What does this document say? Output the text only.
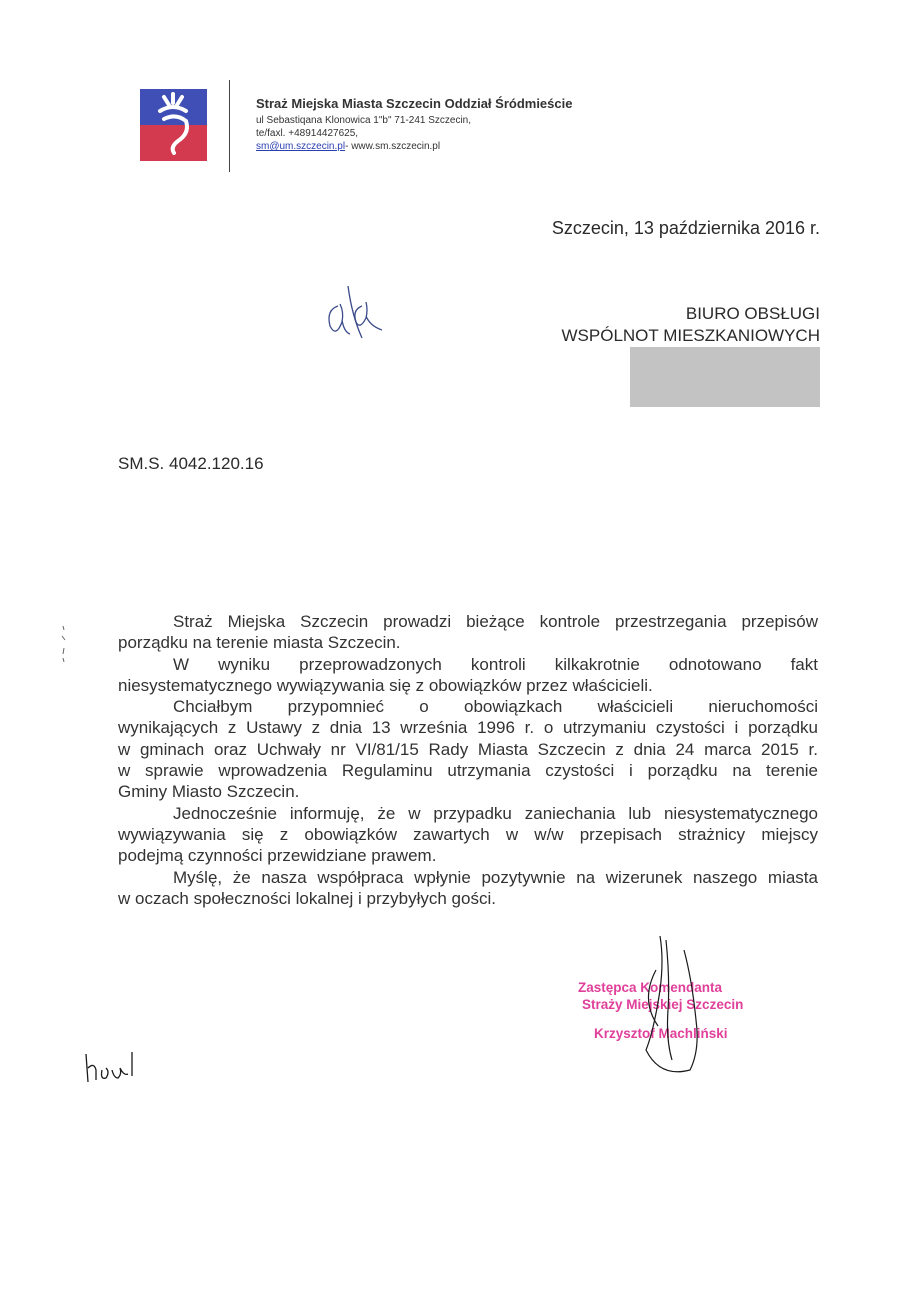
Straż Miejska Miasta Szczecin Oddział Śródmieście
ul Sebastiqana Klonowica 1"b" 71-241 Szczecin,
te/faxl. +48914427625,
sm@um.szczecin.pl- www.sm.szczecin.pl
Szczecin, 13 października 2016 r.
BIURO OBSŁUGI
WSPÓLNOT MIESZKANIOWYCH
SM.S. 4042.120.16

Straż Miejska Szczecin prowadzi bieżące kontrole przestrzegania przepisów
porządku na terenie miasta Szczecin.

W wyniku przeprowadzonych kontroli kilkakrotnie odnotowano fakt
niesystematycznego wywiązywania się z obowiązków przez właścicieli.

Chciałbym przypomnieć o obowiązkach właścicieli nieruchomości
wynikających z Ustawy z dnia 13 września 1996 r. o utrzymaniu czystości i porządku
w gminach oraz Uchwały nr VI/81/15 Rady Miasta Szczecin z dnia 24 marca 2015 r.
w sprawie wprowadzenia Regulaminu utrzymania czystości i porządku na terenie
Gminy Miasto Szczecin.

Jednocześnie informuję, że w przypadku zaniechania lub niesystematycznego
wywiązywania się z obowiązków zawartych w w/w przepisach strażnicy miejscy
podejmą czynności przewidziane prawem.

Myślę, że nasza współpraca wpłynie pozytywnie na wizerunek naszego miasta
w oczach społeczności lokalnej i przybyłych gości.

Zastępca Komendanta
Straży Miejskiej Szczecin
Krzysztof Machliński
